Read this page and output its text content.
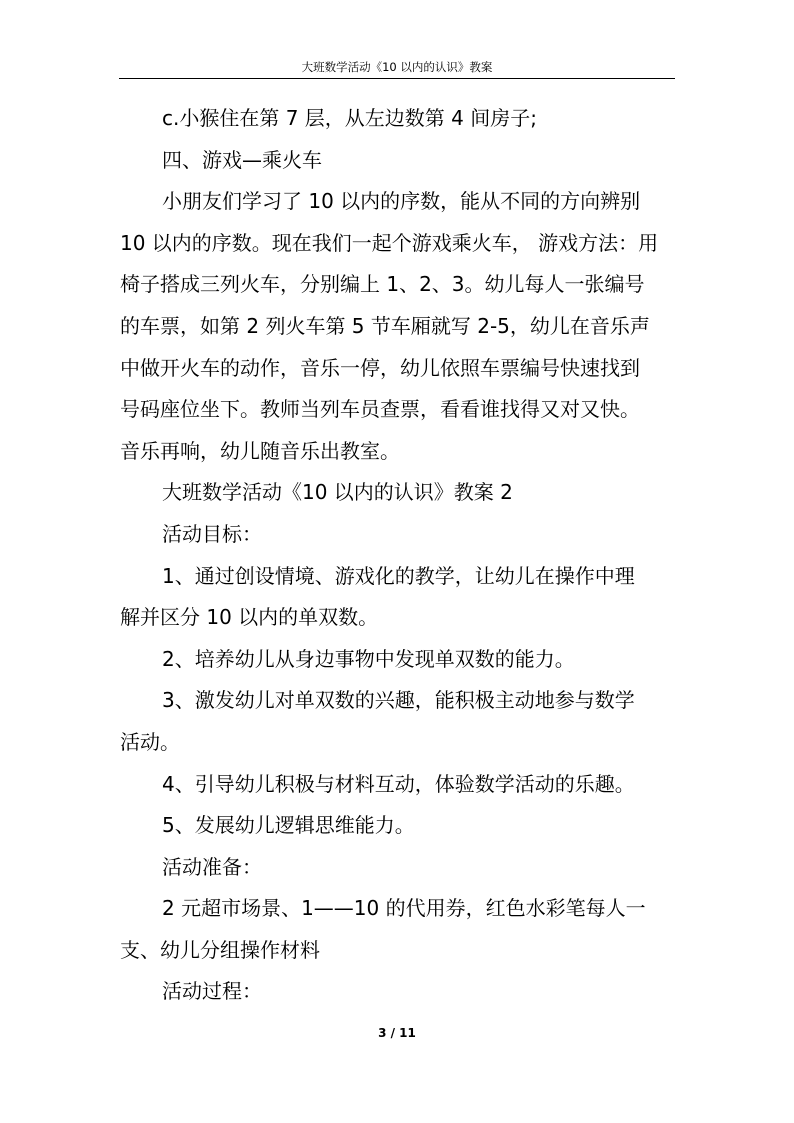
大班数学活动《10 以内的认识》教案
c.小猴住在第 7 层，从左边数第 4 间房子;
四、游戏—乘火车
小朋友们学习了 10 以内的序数，能从不同的方向辨别
10 以内的序数。现在我们一起个游戏乘火车， 游戏方法：用
椅子搭成三列火车，分别编上 1、2、3。幼儿每人一张编号
的车票，如第 2 列火车第 5 节车厢就写 2-5，幼儿在音乐声
中做开火车的动作，音乐一停，幼儿依照车票编号快速找到
号码座位坐下。教师当列车员查票，看看谁找得又对又快。
音乐再响，幼儿随音乐出教室。
大班数学活动《10 以内的认识》教案 2
活动目标：
1、通过创设情境、游戏化的教学，让幼儿在操作中理
解并区分 10 以内的单双数。
2、培养幼儿从身边事物中发现单双数的能力。
3、激发幼儿对单双数的兴趣，能积极主动地参与数学
活动。
4、引导幼儿积极与材料互动，体验数学活动的乐趣。
5、发展幼儿逻辑思维能力。
活动准备：
2 元超市场景、1——10 的代用券，红色水彩笔每人一
支、幼儿分组操作材料
活动过程：
3 / 11
